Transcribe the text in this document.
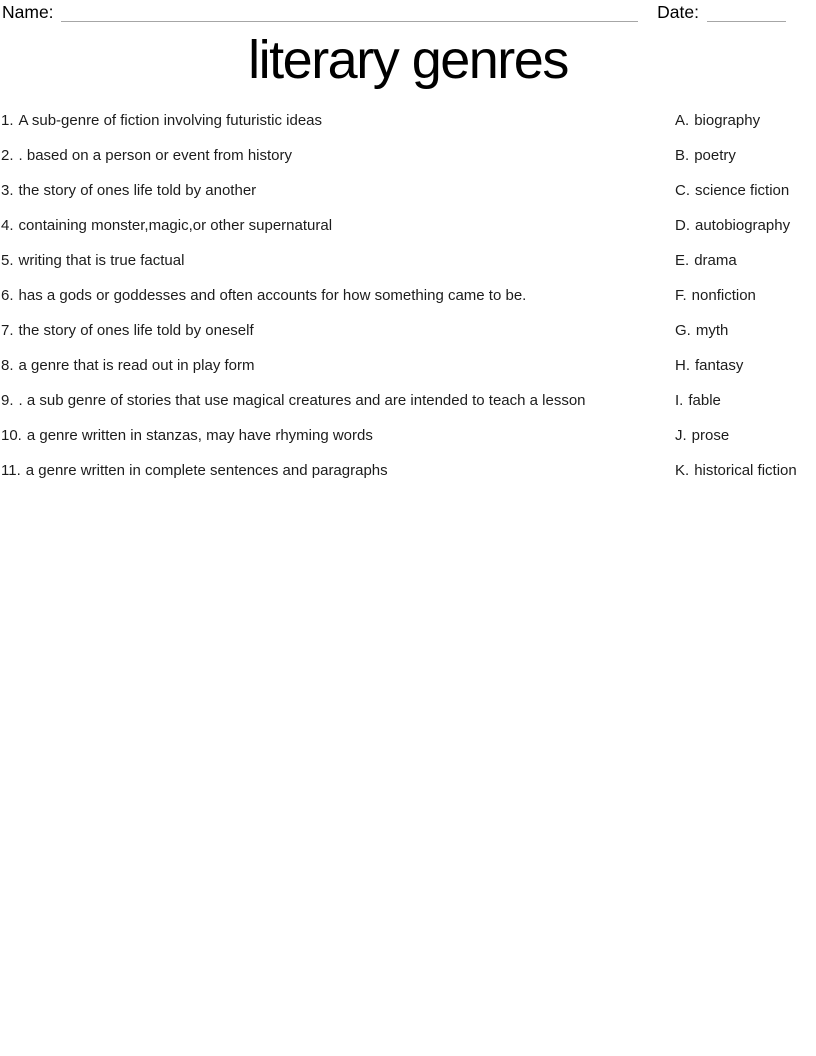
Name:	Date:
literary genres
1. A sub-genre of fiction involving futuristic ideas
2. . based on a person or event from history
3. the story of ones life told by another
4. containing monster,magic,or other supernatural
5. writing that is true factual
6. has a gods or goddesses and often accounts for how something came to be.
7. the story of ones life told by oneself
8. a genre that is read out in play form
9. . a sub genre of stories that use magical creatures and are intended to teach a lesson
10. a genre written in stanzas, may have rhyming words
11. a genre written in complete sentences and paragraphs
A. biography
B. poetry
C. science fiction
D. autobiography
E. drama
F. nonfiction
G. myth
H. fantasy
I. fable
J. prose
K. historical fiction
